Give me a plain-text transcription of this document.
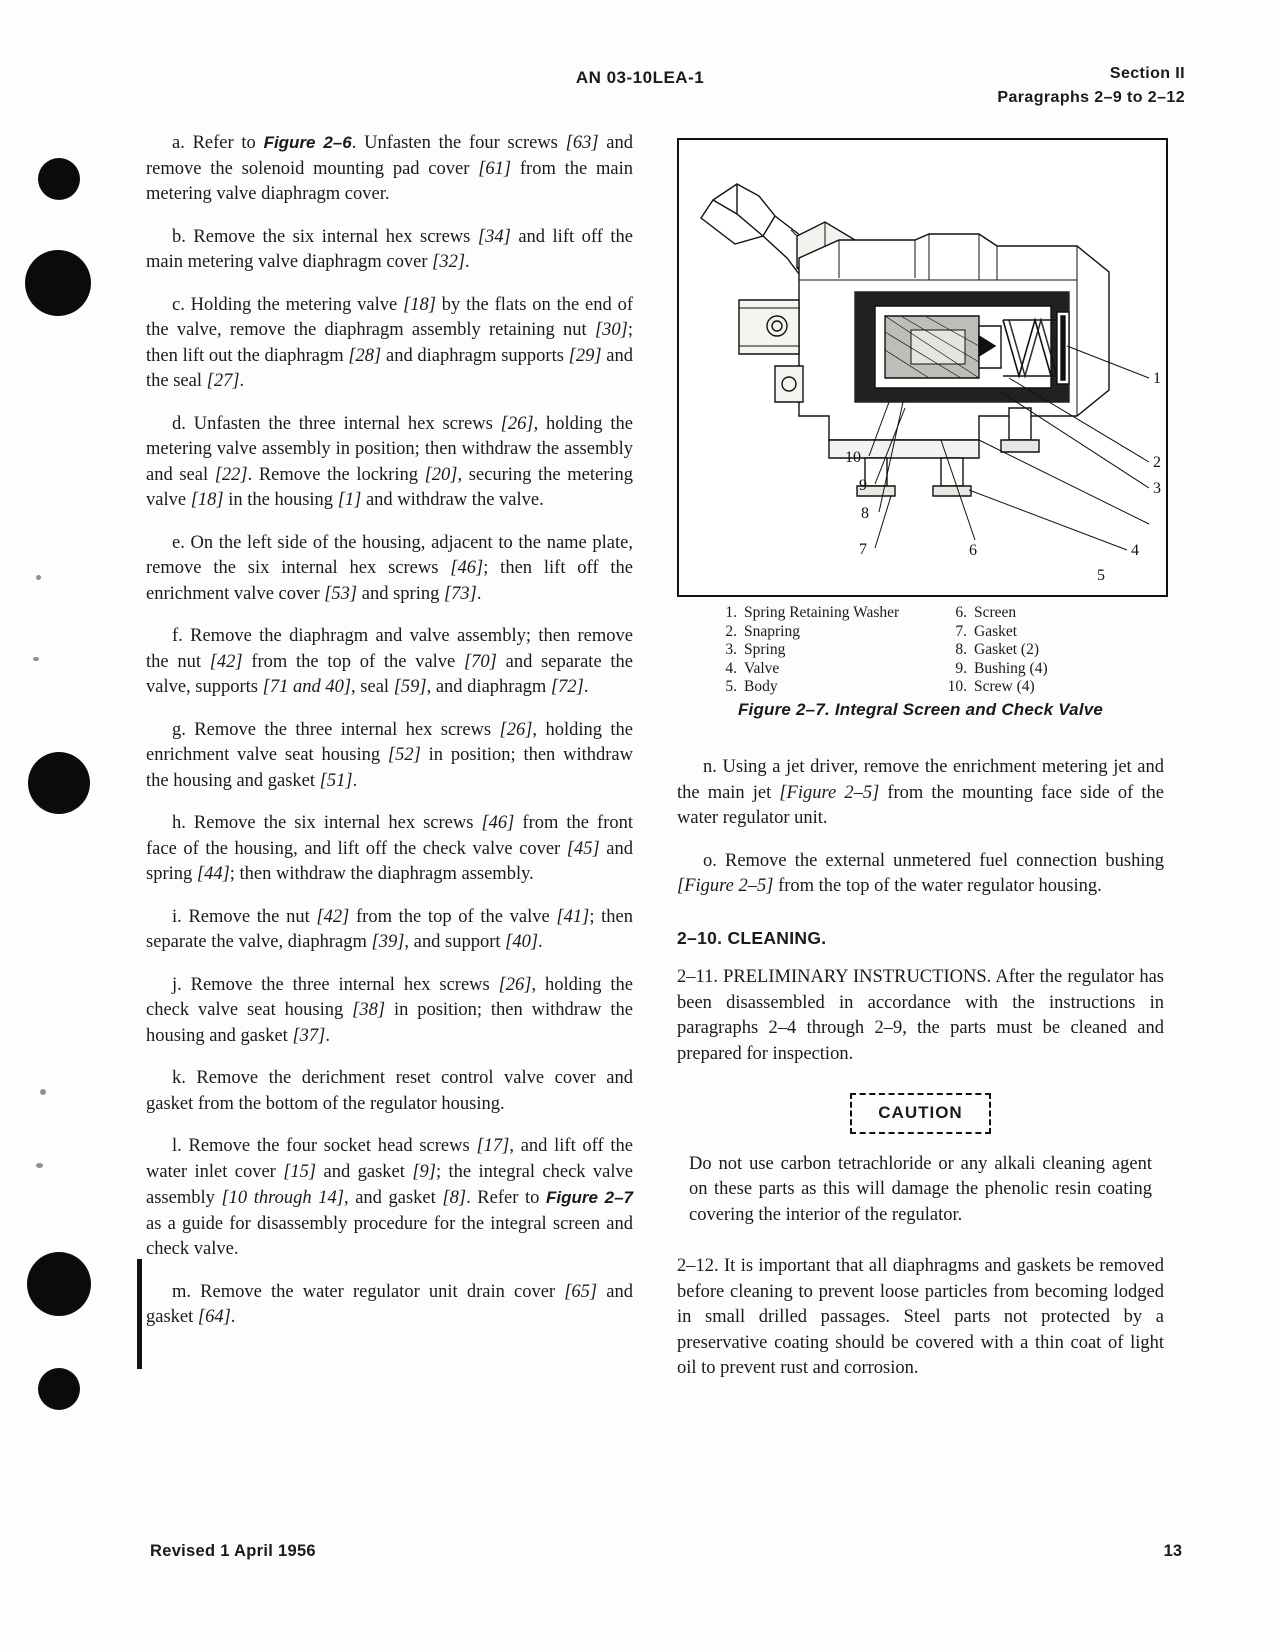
AN 03-10LEA-1	Section II
Paragraphs 2–9 to 2–12

a. Refer to Figure 2–6. Unfasten the four screws [63] and remove the solenoid mounting pad cover [61] from the main metering valve diaphragm cover.

b. Remove the six internal hex screws [34] and lift off the main metering valve diaphragm cover [32].

c. Holding the metering valve [18] by the flats on the end of the valve, remove the diaphragm assembly retaining nut [30]; then lift out the diaphragm [28] and diaphragm supports [29] and the seal [27].

d. Unfasten the three internal hex screws [26], holding the metering valve assembly in position; then withdraw the assembly and seal [22]. Remove the lockring [20], securing the metering valve [18] in the housing [1] and withdraw the valve.

e. On the left side of the housing, adjacent to the name plate, remove the six internal hex screws [46]; then lift off the enrichment valve cover [53] and spring [73].

f. Remove the diaphragm and valve assembly; then remove the nut [42] from the top of the valve [70] and separate the valve, supports [71 and 40], seal [59], and diaphragm [72].

g. Remove the three internal hex screws [26], holding the enrichment valve seat housing [52] in position; then withdraw the housing and gasket [51].

h. Remove the six internal hex screws [46] from the front face of the housing, and lift off the check valve cover [45] and spring [44]; then withdraw the diaphragm assembly.

i. Remove the nut [42] from the top of the valve [41]; then separate the valve, diaphragm [39], and support [40].

j. Remove the three internal hex screws [26], holding the check valve seat housing [38] in position; then withdraw the housing and gasket [37].

k. Remove the derichment reset control valve cover and gasket from the bottom of the regulator housing.

l. Remove the four socket head screws [17], and lift off the water inlet cover [15] and gasket [9]; the integral check valve assembly [10 through 14], and gasket [8]. Refer to Figure 2–7 as a guide for disassembly procedure for the integral screen and check valve.

m. Remove the water regulator unit drain cover [65] and gasket [64].

1
2
3
4
5
6
7
8
9
10
1. Spring Retaining Washer
2. Snapring
3. Spring
4. Valve
5. Body
6. Screen
7. Gasket
8. Gasket (2)
9. Bushing (4)
10. Screw (4)
Figure 2–7. Integral Screen and Check Valve

n. Using a jet driver, remove the enrichment metering jet and the main jet [Figure 2–5] from the mounting face side of the water regulator unit.

o. Remove the external unmetered fuel connection bushing [Figure 2–5] from the top of the water regulator housing.

2–10. CLEANING.

2–11. PRELIMINARY INSTRUCTIONS. After the regulator has been disassembled in accordance with the instructions in paragraphs 2–4 through 2–9, the parts must be cleaned and prepared for inspection.

CAUTION

Do not use carbon tetrachloride or any alkali cleaning agent on these parts as this will damage the phenolic resin coating covering the interior of the regulator.

2–12. It is important that all diaphragms and gaskets be removed before cleaning to prevent loose particles from becoming lodged in small drilled passages. Steel parts not protected by a preservative coating should be covered with a thin coat of light oil to prevent rust and corrosion.

Revised 1 April 1956	13
